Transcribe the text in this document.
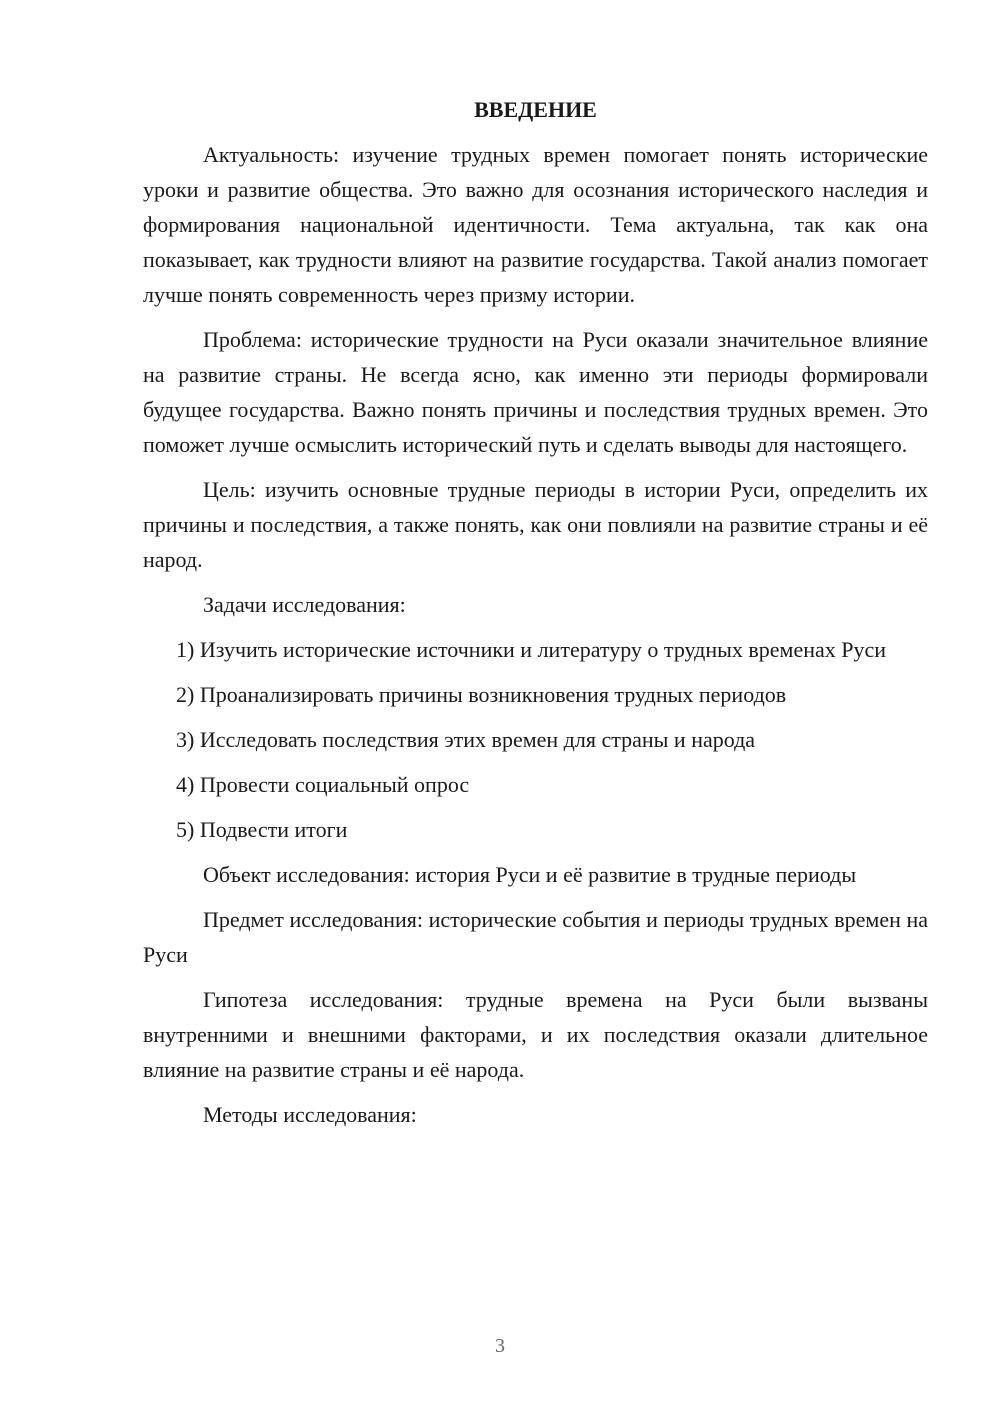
ВВЕДЕНИЕ

Актуальность: изучение трудных времен помогает понять исторические уроки и развитие общества. Это важно для осознания исторического наследия и формирования национальной идентичности. Тема актуальна, так как она показывает, как трудности влияют на развитие государства. Такой анализ помогает лучше понять современность через призму истории.

Проблема: исторические трудности на Руси оказали значительное влияние на развитие страны. Не всегда ясно, как именно эти периоды формировали будущее государства. Важно понять причины и последствия трудных времен. Это поможет лучше осмыслить исторический путь и сделать выводы для настоящего.

Цель: изучить основные трудные периоды в истории Руси, определить их причины и последствия, а также понять, как они повлияли на развитие страны и её народ.

Задачи исследования:

1) Изучить исторические источники и литературу о трудных временах Руси

2) Проанализировать причины возникновения трудных периодов

3) Исследовать последствия этих времен для страны и народа

4) Провести социальный опрос

5) Подвести итоги

Объект исследования: история Руси и её развитие в трудные периоды

Предмет исследования: исторические события и периоды трудных времен на Руси

Гипотеза исследования: трудные времена на Руси были вызваны внутренними и внешними факторами, и их последствия оказали длительное влияние на развитие страны и её народа.

Методы исследования:

3
